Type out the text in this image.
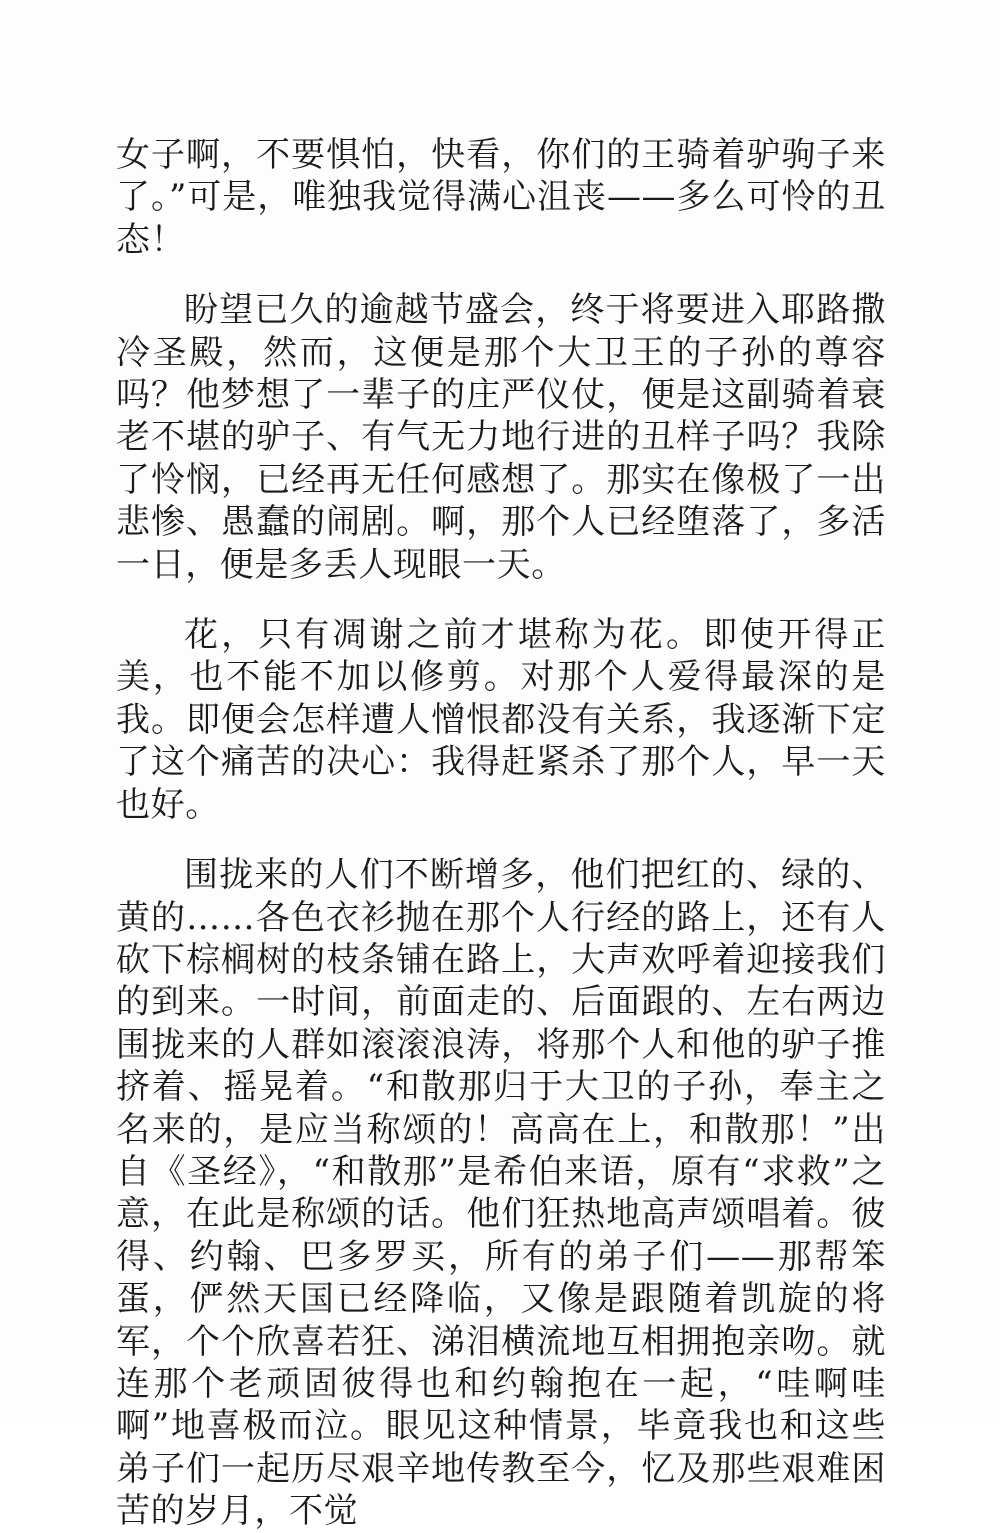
女子啊，不要惧怕，快看，你们的王骑着驴驹子来了。”可是，唯独我觉得满心沮丧——多么可怜的丑态！

盼望已久的逾越节盛会，终于将要进入耶路撒冷圣殿，然而，这便是那个大卫王的子孙的尊容吗？他梦想了一辈子的庄严仪仗，便是这副骑着衰老不堪的驴子、有气无力地行进的丑样子吗？我除了怜悯，已经再无任何感想了。那实在像极了一出悲惨、愚蠢的闹剧。啊，那个人已经堕落了，多活一日，便是多丢人现眼一天。

花，只有凋谢之前才堪称为花。即使开得正美，也不能不加以修剪。对那个人爱得最深的是我。即便会怎样遭人憎恨都没有关系，我逐渐下定了这个痛苦的决心：我得赶紧杀了那个人，早一天也好。

围拢来的人们不断增多，他们把红的、绿的、黄的……各色衣衫抛在那个人行经的路上，还有人砍下棕榈树的枝条铺在路上，大声欢呼着迎接我们的到来。一时间，前面走的、后面跟的、左右两边围拢来的人群如滚滚浪涛，将那个人和他的驴子推挤着、摇晃着。“和散那归于大卫的子孙，奉主之名来的，是应当称颂的！高高在上，和散那！”出自《圣经》，“和散那”是希伯来语，原有“求救”之意，在此是称颂的话。他们狂热地高声颂唱着。彼得、约翰、巴多罗买，所有的弟子们——那帮笨蛋，俨然天国已经降临，又像是跟随着凯旋的将军，个个欣喜若狂、涕泪横流地互相拥抱亲吻。就连那个老顽固彼得也和约翰抱在一起，“哇啊哇啊”地喜极而泣。眼见这种情景，毕竟我也和这些弟子们一起历尽艰辛地传教至今，忆及那些艰难困苦的岁月，不觉
